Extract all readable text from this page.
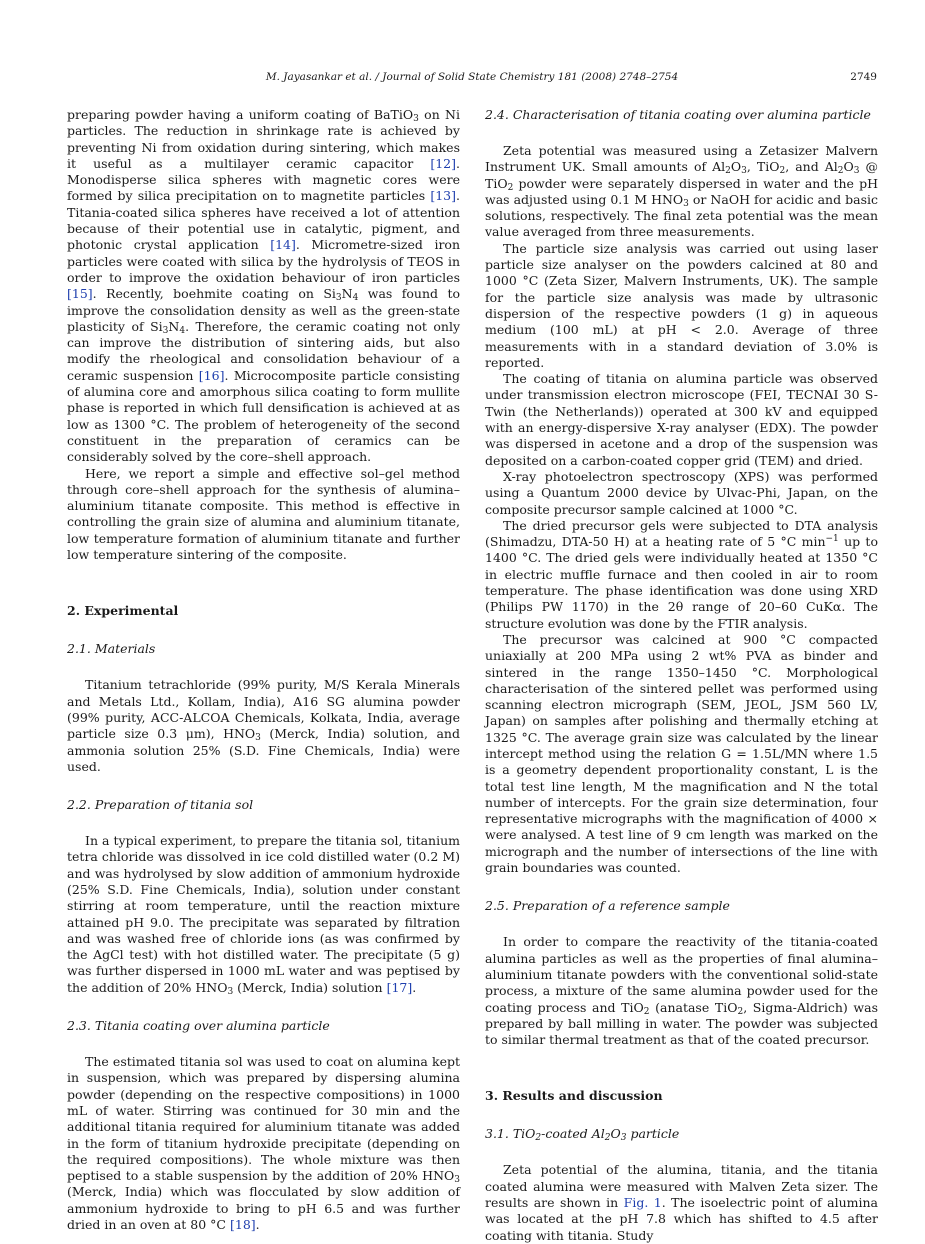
M. Jayasankar et al. / Journal of Solid State Chemistry 181 (2008) 2748–2754	2749

preparing powder having a uniform coating of BaTiO$_3$ on Ni particles. The reduction in shrinkage rate is achieved by preventing Ni from oxidation during sintering, which makes it useful as a multilayer ceramic capacitor [12]. Monodisperse silica spheres with magnetic cores were formed by silica precipitation on to magnetite particles [13]. Titania-coated silica spheres have received a lot of attention because of their potential use in catalytic, pigment, and photonic crystal application [14]. Micrometre-sized iron particles were coated with silica by the hydrolysis of TEOS in order to improve the oxidation behaviour of iron particles [15]. Recently, boehmite coating on $Si_3N_4$ was found to improve the consolidation density as well as the green-state plasticity of $Si_3N_4$. Therefore, the ceramic coating not only can improve the distribution of sintering aids, but also modify the rheological and consolidation behaviour of a ceramic suspension [16]. Microcomposite particle consisting of alumina core and amorphous silica coating to form mullite phase is reported in which full densification is achieved at as low as 1300 °C. The problem of heterogeneity of the second constituent in the preparation of ceramics can be considerably solved by the core–shell approach.

Here, we report a simple and effective sol–gel method through core–shell approach for the synthesis of alumina–aluminium titanate composite. This method is effective in controlling the grain size of alumina and aluminium titanate, low temperature formation of aluminium titanate and further low temperature sintering of the composite.

2. Experimental
2.1. Materials

Titanium tetrachloride (99% purity, M/S Kerala Minerals and Metals Ltd., Kollam, India), A16 SG alumina powder (99% purity, ACC-ALCOA Chemicals, Kolkata, India, average particle size 0.3 μm), $HNO_3$ (Merck, India) solution, and ammonia solution 25% (S.D. Fine Chemicals, India) were used.

2.2. Preparation of titania sol

In a typical experiment, to prepare the titania sol, titanium tetra chloride was dissolved in ice cold distilled water (0.2 M) and was hydrolysed by slow addition of ammonium hydroxide (25% S.D. Fine Chemicals, India), solution under constant stirring at room temperature, until the reaction mixture attained pH 9.0. The precipitate was separated by filtration and was washed free of chloride ions (as was confirmed by the AgCl test) with hot distilled water. The precipitate (5 g) was further dispersed in 1000 mL water and was peptised by the addition of 20% $HNO_3$ (Merck, India) solution [17].

2.3. Titania coating over alumina particle

The estimated titania sol was used to coat on alumina kept in suspension, which was prepared by dispersing alumina powder (depending on the respective compositions) in 1000 mL of water. Stirring was continued for 30 min and the additional titania required for aluminium titanate was added in the form of titanium hydroxide precipitate (depending on the required compositions). The whole mixture was then peptised to a stable suspension by the addition of 20% $HNO_3$ (Merck, India) which was flocculated by slow addition of ammonium hydroxide to bring to pH 6.5 and was further dried in an oven at 80 °C [18].

2.4. Characterisation of titania coating over alumina particle

Zeta potential was measured using a Zetasizer Malvern Instrument UK. Small amounts of $Al_2O_3$, TiO$_2$, and $Al_2O_3$ @ TiO$_2$ powder were separately dispersed in water and the pH was adjusted using 0.1 M $HNO_3$ or NaOH for acidic and basic solutions, respectively. The final zeta potential was the mean value averaged from three measurements.

The particle size analysis was carried out using laser particle size analyser on the powders calcined at 80 and 1000 °C (Zeta Sizer, Malvern Instruments, UK). The sample for the particle size analysis was made by ultrasonic dispersion of the respective powders (1 g) in aqueous medium (100 mL) at pH < 2.0. Average of three measurements with in a standard deviation of 3.0% is reported.

The coating of titania on alumina particle was observed under transmission electron microscope (FEI, TECNAI 30 S-Twin (the Netherlands)) operated at 300 kV and equipped with an energy-dispersive X-ray analyser (EDX). The powder was dispersed in acetone and a drop of the suspension was deposited on a carbon-coated copper grid (TEM) and dried.

X-ray photoelectron spectroscopy (XPS) was performed using a Quantum 2000 device by Ulvac-Phi, Japan, on the composite precursor sample calcined at 1000 °C.

The dried precursor gels were subjected to DTA analysis (Shimadzu, DTA-50 H) at a heating rate of 5 °C $\min^{-1}$ up to 1400 °C. The dried gels were individually heated at 1350 °C in electric muffle furnace and then cooled in air to room temperature. The phase identification was done using XRD (Philips PW 1170) in the 2θ range of 20–60 CuKα. The structure evolution was done by the FTIR analysis.

The precursor was calcined at 900 °C compacted uniaxially at 200 MPa using 2 wt% PVA as binder and sintered in the range 1350–1450 °C. Morphological characterisation of the sintered pellet was performed using scanning electron micrograph (SEM, JEOL, JSM 560 LV, Japan) on samples after polishing and thermally etching at 1325 °C. The average grain size was calculated by the linear intercept method using the relation G = 1.5L/MN where 1.5 is a geometry dependent proportionality constant, L is the total test line length, M the magnification and N the total number of intercepts. For the grain size determination, four representative micrographs with the magnification of 4000 × were analysed. A test line of 9 cm length was marked on the micrograph and the number of intersections of the line with grain boundaries was counted.

2.5. Preparation of a reference sample

In order to compare the reactivity of the titania-coated alumina particles as well as the properties of final alumina–aluminium titanate powders with the conventional solid-state process, a mixture of the same alumina powder used for the coating process and TiO$_2$ (anatase TiO$_2$, Sigma-Aldrich) was prepared by ball milling in water. The powder was subjected to similar thermal treatment as that of the coated precursor.

3. Results and discussion
3.1. TiO$_2$-coated $Al_2O_3$ particle

Zeta potential of the alumina, titania, and the titania coated alumina were measured with Malven Zeta sizer. The results are shown in Fig. 1. The isoelectric point of alumina was located at the pH 7.8 which has shifted to 4.5 after coating with titania. Study
